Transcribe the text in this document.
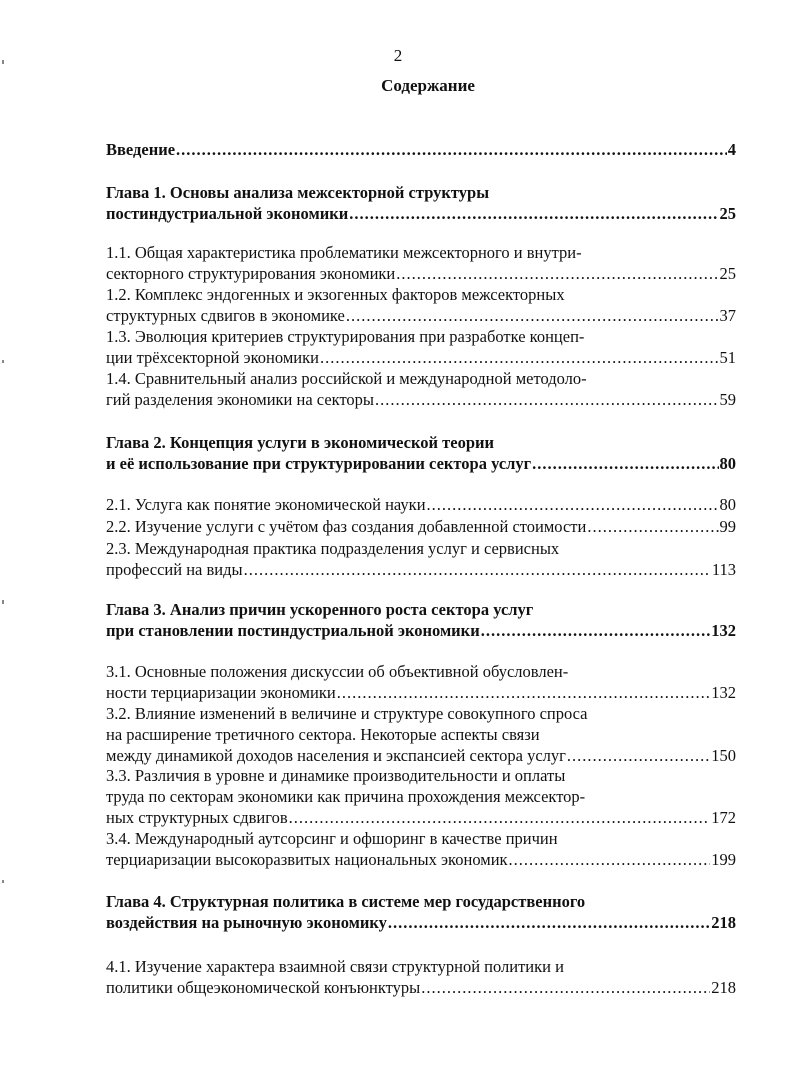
2
Содержание
Введение .....	4
Глава 1. Основы анализа межсекторной структуры
постиндустриальной экономики .....	25
1.1. Общая характеристика проблематики межсекторного и внутри-
секторного структурирования экономики .....	25
1.2. Комплекс эндогенных и экзогенных факторов межсекторных
структурных сдвигов в экономике .....	37
1.3. Эволюция критериев структурирования при разработке концеп-
ции трёхсекторной экономики .....	51
1.4. Сравнительный анализ российской и международной методоло-
гий разделения экономики на секторы .....	59
Глава 2. Концепция услуги в экономической теории
и её использование при структурировании сектора услуг .....	80
2.1. Услуга как понятие экономической науки .....	80
2.2. Изучение услуги с учётом фаз создания добавленной стоимости .....	99
2.3. Международная практика подразделения услуг и сервисных
профессий на виды .....	113
Глава 3. Анализ причин ускоренного роста сектора услуг
при становлении постиндустриальной экономики .....	132
3.1. Основные положения дискуссии об объективной обусловлен-
ности терциаризации экономики .....	132
3.2. Влияние изменений в величине и структуре совокупного спроса
на расширение третичного сектора. Некоторые аспекты связи
между динамикой доходов населения и экспансией сектора услуг .....	150
3.3. Различия в уровне и динамике производительности и оплаты
труда по секторам экономики как причина прохождения межсектор-
ных структурных сдвигов .....	172
3.4. Международный аутсорсинг и офшоринг в качестве причин
терциаризации высокоразвитых национальных экономик .....	199
Глава 4. Структурная политика в системе мер государственного
воздействия на рыночную экономику .....	218
4.1. Изучение характера взаимной связи структурной политики и
политики общеэкономической конъюнктуры .....	218
